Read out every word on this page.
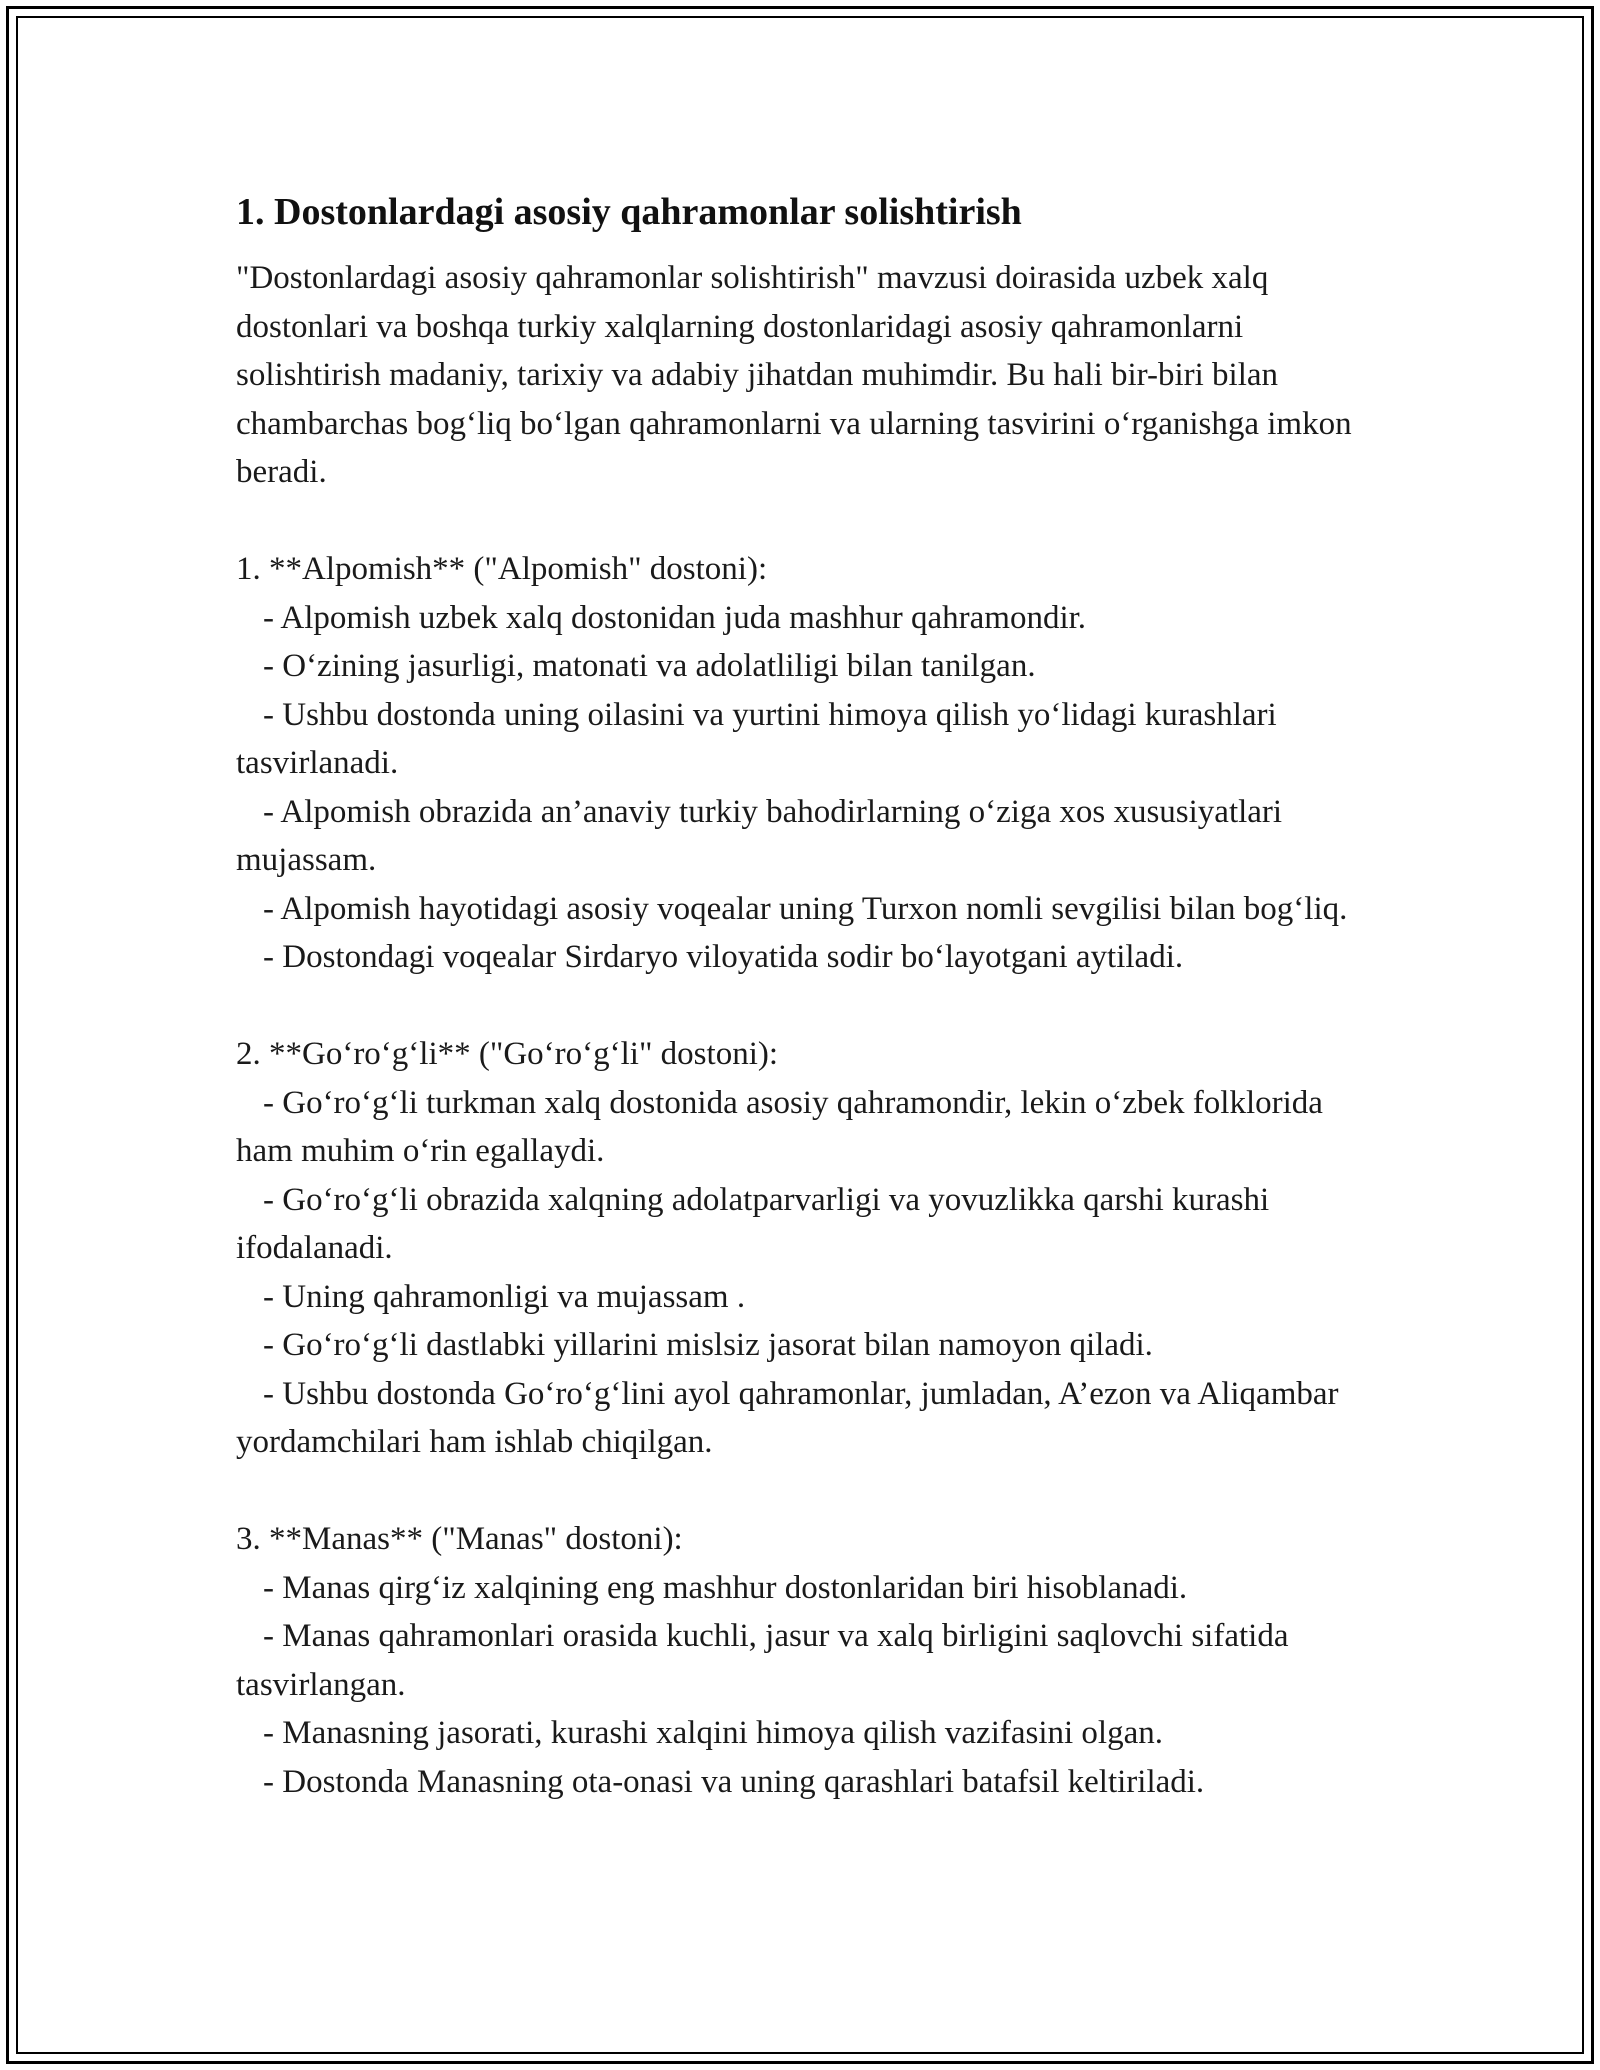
1. Dostonlardagi asosiy qahramonlar solishtirish

"Dostonlardagi asosiy qahramonlar solishtirish" mavzusi doirasida uzbek xalq dostonlari va boshqa turkiy xalqlarning dostonlaridagi asosiy qahramonlarni solishtirish madaniy, tarixiy va adabiy jihatdan muhimdir. Bu hali bir-biri bilan chambarchas bog‘liq bo‘lgan qahramonlarni va ularning tasvirini o‘rganishga imkon beradi.

1. **Alpomish** ("Alpomish" dostoni):

- Alpomish uzbek xalq dostonidan juda mashhur qahramondir.

- O‘zining jasurligi, matonati va adolatliligi bilan tanilgan.

- Ushbu dostonda uning oilasini va yurtini himoya qilish yo‘lidagi kurashlari tasvirlanadi.

- Alpomish obrazida an’anaviy turkiy bahodirlarning o‘ziga xos xususiyatlari mujassam.

- Alpomish hayotidagi asosiy voqealar uning Turxon nomli sevgilisi bilan bog‘liq.

- Dostondagi voqealar Sirdaryo viloyatida sodir bo‘layotgani aytiladi.

2. **Go‘ro‘g‘li** ("Go‘ro‘g‘li" dostoni):

- Go‘ro‘g‘li turkman xalq dostonida asosiy qahramondir, lekin o‘zbek folklorida ham muhim o‘rin egallaydi.

- Go‘ro‘g‘li obrazida xalqning adolatparvarligi va yovuzlikka qarshi kurashi ifodalanadi.

- Uning qahramonligi va mujassam .

- Go‘ro‘g‘li dastlabki yillarini mislsiz jasorat bilan namoyon qiladi.

- Ushbu dostonda Go‘ro‘g‘lini ayol qahramonlar, jumladan, A’ezon va Aliqambar yordamchilari ham ishlab chiqilgan.

3. **Manas** ("Manas" dostoni):

- Manas qirg‘iz xalqining eng mashhur dostonlaridan biri hisoblanadi.

- Manas qahramonlari orasida kuchli, jasur va xalq birligini saqlovchi sifatida tasvirlangan.

- Manasning jasorati, kurashi xalqini himoya qilish vazifasini olgan.

- Dostonda Manasning ota-onasi va uning qarashlari batafsil keltiriladi.
